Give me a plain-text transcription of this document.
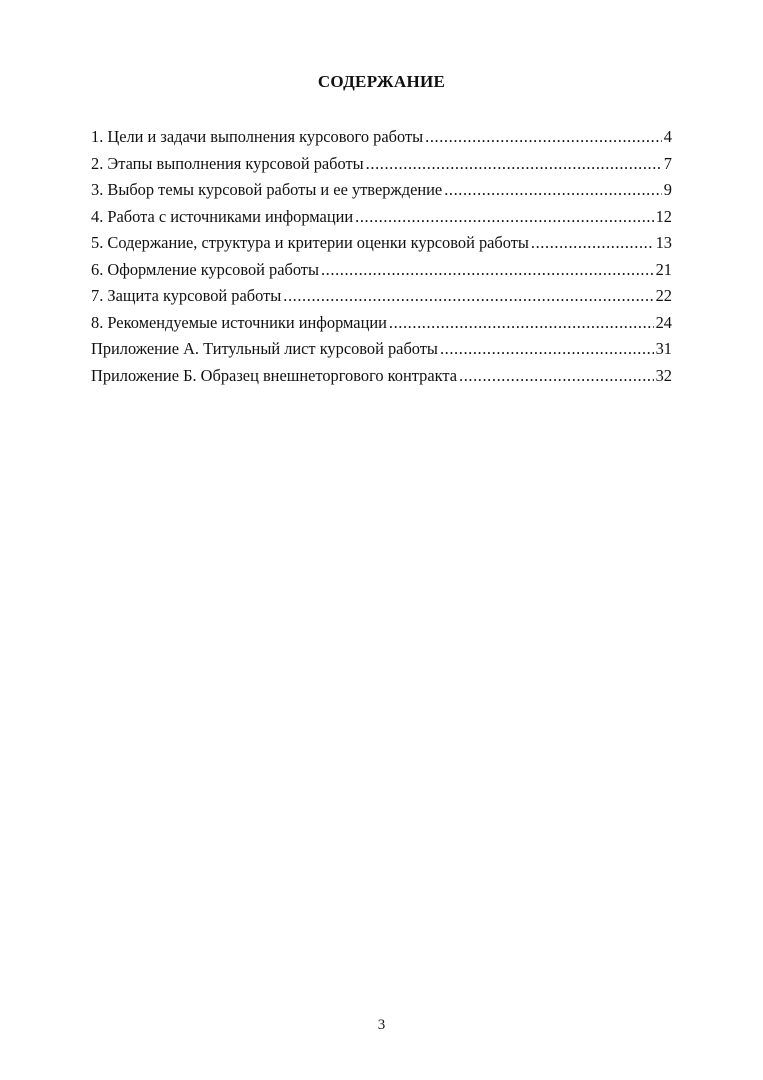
СОДЕРЖАНИЕ
1. Цели и задачи выполнения курсового работы .....	4
2. Этапы выполнения курсовой работы .....	7
3. Выбор темы курсовой работы и ее утверждение .....	9
4. Работа с источниками информации .....	12
5. Содержание, структура и критерии оценки курсовой работы .....	13
6. Оформление курсовой работы .....	21
7. Защита курсовой работы .....	22
8. Рекомендуемые источники информации .....	24
Приложение А. Титульный лист курсовой работы .....	31
Приложение Б. Образец внешнеторгового контракта .....	32
3
